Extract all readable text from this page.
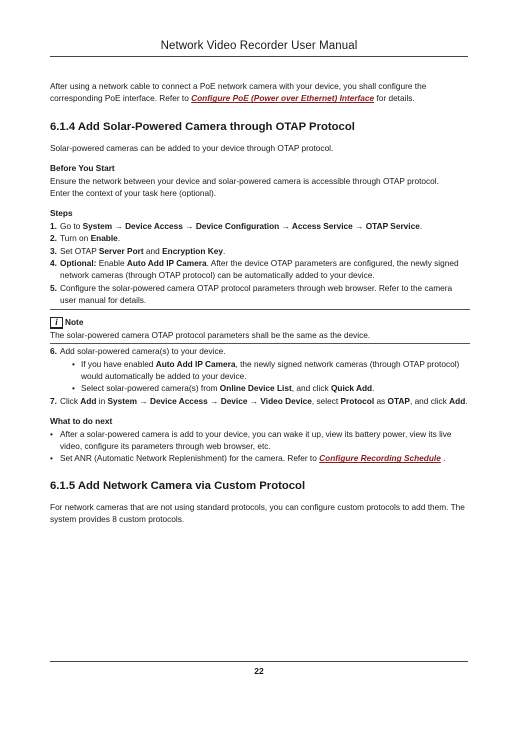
Network Video Recorder User Manual

After using a network cable to connect a PoE network camera with your device, you shall configure the corresponding PoE interface. Refer to Configure PoE (Power over Ethernet) Interface for details.

6.1.4 Add Solar-Powered Camera through OTAP Protocol

Solar-powered cameras can be added to your device through OTAP protocol.

Before You Start

Ensure the network between your device and solar-powered camera is accessible through OTAP protocol.

Enter the context of your task here (optional).

Steps

1. Go to System → Device Access → Device Configuration → Access Service → OTAP Service.
2. Turn on Enable.
3. Set OTAP Server Port and Encryption Key.
4. Optional: Enable Auto Add IP Camera. After the device OTAP parameters are configured, the newly signed network cameras (through OTAP protocol) can be automatically added to your device.
5. Configure the solar-powered camera OTAP protocol parameters through web browser. Refer to the camera user manual for details.
i Note

The solar-powered camera OTAP protocol parameters shall be the same as the device.

6. Add solar-powered camera(s) to your device.
• If you have enabled Auto Add IP Camera, the newly signed network cameras (through OTAP protocol) would automatically be added to your device.
• Select solar-powered camera(s) from Online Device List, and click Quick Add.
7. Click Add in System → Device Access → Device → Video Device, select Protocol as OTAP, and click Add.

What to do next

• After a solar-powered camera is add to your device, you can wake it up, view its battery power, view its live video, configure its parameters through web browser, etc.
• Set ANR (Automatic Network Replenishment) for the camera. Refer to Configure Recording Schedule .
6.1.5 Add Network Camera via Custom Protocol

For network cameras that are not using standard protocols, you can configure custom protocols to add them. The system provides 8 custom protocols.

22
